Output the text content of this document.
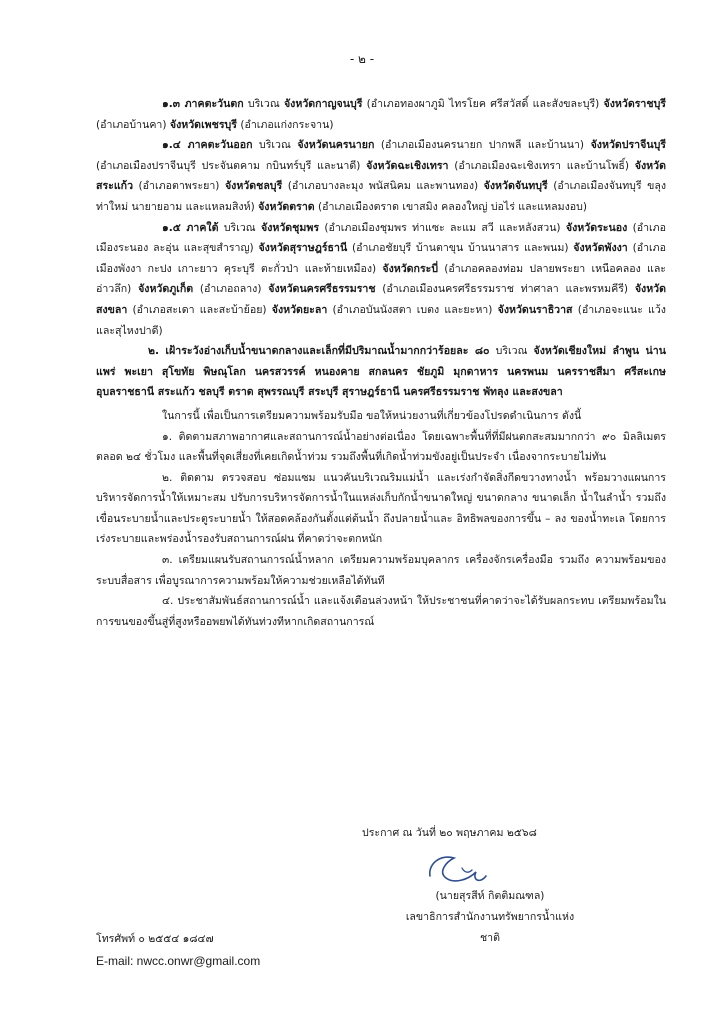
- ๒ -

๑.๓ ภาคตะวันตก บริเวณ จังหวัดกาญจนบุรี (อำเภอทองผาภูมิ ไทรโยค ศรีสวัสดิ์ และสังขละบุรี) จังหวัดราชบุรี (อำเภอบ้านคา) จังหวัดเพชรบุรี (อำเภอแก่งกระจาน)

๑.๔ ภาคตะวันออก บริเวณ จังหวัดนครนายก (อำเภอเมืองนครนายก ปากพลี และบ้านนา) จังหวัดปราจีนบุรี (อำเภอเมืองปราจีนบุรี ประจันตคาม กบินทร์บุรี และนาดี) จังหวัดฉะเชิงเทรา (อำเภอเมืองฉะเชิงเทรา และบ้านโพธิ์) จังหวัดสระแก้ว (อำเภอตาพระยา) จังหวัดชลบุรี (อำเภอบางละมุง พนัสนิคม และพานทอง) จังหวัดจันทบุรี (อำเภอเมืองจันทบุรี ขลุง ท่าใหม่ นายายอาม และแหลมสิงห์) จังหวัดตราด (อำเภอเมืองตราด เขาสมิง คลองใหญ่ บ่อไร่ และแหลมงอบ)

๑.๕ ภาคใต้ บริเวณ จังหวัดชุมพร (อำเภอเมืองชุมพร ท่าแซะ ละแม สวี และหลังสวน) จังหวัดระนอง (อำเภอเมืองระนอง ละอุ่น และสุขสำราญ) จังหวัดสุราษฎร์ธานี (อำเภอชัยบุรี บ้านตาขุน บ้านนาสาร และพนม) จังหวัดพังงา (อำเภอเมืองพังงา กะปง เกาะยาว คุระบุรี ตะกั่วป่า และท้ายเหมือง) จังหวัดกระบี่ (อำเภอคลองท่อม ปลายพระยา เหนือคลอง และอ่าวลึก) จังหวัดภูเก็ต (อำเภอถลาง) จังหวัดนครศรีธรรมราช (อำเภอเมืองนครศรีธรรมราช ท่าศาลา และพรหมคีรี) จังหวัดสงขลา (อำเภอสะเดา และสะบ้าย้อย) จังหวัดยะลา (อำเภอบันนังสตา เบตง และยะหา) จังหวัดนราธิวาส (อำเภอจะแนะ แว้ง และสุไหงปาดี)

๒. เฝ้าระวังอ่างเก็บน้ำขนาดกลางและเล็กที่มีปริมาณน้ำมากกว่าร้อยละ ๘๐ บริเวณ จังหวัดเชียงใหม่ ลำพูน น่าน แพร่ พะเยา สุโขทัย พิษณุโลก นครสวรรค์ หนองคาย สกลนคร ชัยภูมิ มุกดาหาร นครพนม นครราชสีมา ศรีสะเกษ อุบลราชธานี สระแก้ว ชลบุรี ตราด สุพรรณบุรี สระบุรี สุราษฎร์ธานี นครศรีธรรมราช พัทลุง และสงขลา

ในการนี้ เพื่อเป็นการเตรียมความพร้อมรับมือ ขอให้หน่วยงานที่เกี่ยวข้องโปรดดำเนินการ ดังนี้

๑. ติดตามสภาพอากาศและสถานการณ์น้ำอย่างต่อเนื่อง โดยเฉพาะพื้นที่ที่มีฝนตกสะสมมากกว่า ๙๐ มิลลิเมตร ตลอด ๒๔ ชั่วโมง และพื้นที่จุดเสี่ยงที่เคยเกิดน้ำท่วม รวมถึงพื้นที่เกิดน้ำท่วมขังอยู่เป็นประจำ เนื่องจากระบายไม่ทัน

๒. ติดตาม ตรวจสอบ ซ่อมแซม แนวคันบริเวณริมแม่น้ำ และเร่งกำจัดสิ่งกีดขวางทางน้ำ พร้อมวางแผนการบริหารจัดการน้ำให้เหมาะสม ปรับการบริหารจัดการน้ำในแหล่งเก็บกักน้ำขนาดใหญ่ ขนาดกลาง ขนาดเล็ก น้ำในลำน้ำ รวมถึงเขื่อนระบายน้ำและประตูระบายน้ำ ให้สอดคล้องกันตั้งแต่ต้นน้ำ ถึงปลายน้ำและ อิทธิพลของการขึ้น – ลง ของน้ำทะเล โดยการเร่งระบายและพร่องน้ำรองรับสถานการณ์ฝน ที่คาดว่าจะตกหนัก

๓. เตรียมแผนรับสถานการณ์น้ำหลาก เตรียมความพร้อมบุคลากร เครื่องจักรเครื่องมือ รวมถึง ความพร้อมของระบบสื่อสาร เพื่อบูรณาการความพร้อมให้ความช่วยเหลือได้ทันที

๔. ประชาสัมพันธ์สถานการณ์น้ำ และแจ้งเตือนล่วงหน้า ให้ประชาชนที่คาดว่าจะได้รับผลกระทบ เตรียมพร้อมในการขนของขึ้นสู่ที่สูงหรืออพยพได้ทันท่วงทีหากเกิดสถานการณ์

ประกาศ ณ วันที่ ๒๐ พฤษภาคม ๒๕๖๘
(นายสุรสีห์ กิตติมณฑล)
เลขาธิการสำนักงานทรัพยากรน้ำแห่งชาติ
โทรศัพท์ ๐ ๒๕๕๔ ๑๘๔๗
E-mail: nwcc.onwr@gmail.com
